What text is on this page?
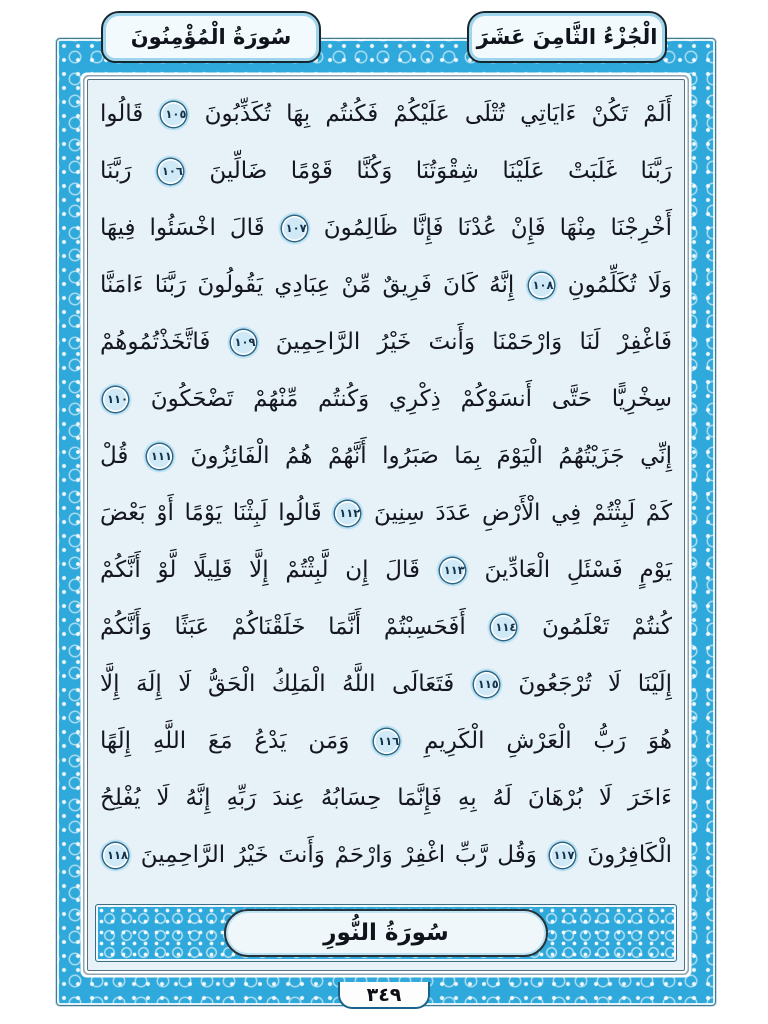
الْجُزْءُ الثَّامِنَ عَشَرَ
سُورَةُ الْمُؤْمِنُونَ
أَلَمْ تَكُنْ ءَايَاتِي تُتْلَى عَلَيْكُمْ فَكُنتُم بِهَا تُكَذِّبُونَ ١٠٥ قَالُوا
رَبَّنَا غَلَبَتْ عَلَيْنَا شِقْوَتُنَا وَكُنَّا قَوْمًا ضَالِّينَ ١٠٦ رَبَّنَا
أَخْرِجْنَا مِنْهَا فَإِنْ عُدْنَا فَإِنَّا ظَالِمُونَ ١٠٧ قَالَ اخْسَئُوا فِيهَا
وَلَا تُكَلِّمُونِ ١٠٨ إِنَّهُ كَانَ فَرِيقٌ مِّنْ عِبَادِي يَقُولُونَ رَبَّنَا ءَامَنَّا
فَاغْفِرْ لَنَا وَارْحَمْنَا وَأَنتَ خَيْرُ الرَّاحِمِينَ ١٠٩ فَاتَّخَذْتُمُوهُمْ
سِخْرِيًّا حَتَّى أَنسَوْكُمْ ذِكْرِي وَكُنتُم مِّنْهُمْ تَضْحَكُونَ ١١٠
إِنِّي جَزَيْتُهُمُ الْيَوْمَ بِمَا صَبَرُوا أَنَّهُمْ هُمُ الْفَائِزُونَ ١١١ قُلْ
كَمْ لَبِثْتُمْ فِي الْأَرْضِ عَدَدَ سِنِينَ ١١٢ قَالُوا لَبِثْنَا يَوْمًا أَوْ بَعْضَ
يَوْمٍ فَسْئَلِ الْعَادِّينَ ١١٣ قَالَ إِن لَّبِثْتُمْ إِلَّا قَلِيلًا لَّوْ أَنَّكُمْ
كُنتُمْ تَعْلَمُونَ ١١٤ أَفَحَسِبْتُمْ أَنَّمَا خَلَقْنَاكُمْ عَبَثًا وَأَنَّكُمْ
إِلَيْنَا لَا تُرْجَعُونَ ١١٥ فَتَعَالَى اللَّهُ الْمَلِكُ الْحَقُّ لَا إِلَهَ إِلَّا
هُوَ رَبُّ الْعَرْشِ الْكَرِيمِ ١١٦ وَمَن يَدْعُ مَعَ اللَّهِ إِلَهًا
ءَاخَرَ لَا بُرْهَانَ لَهُ بِهِ فَإِنَّمَا حِسَابُهُ عِندَ رَبِّهِ إِنَّهُ لَا يُفْلِحُ
الْكَافِرُونَ ١١٧ وَقُل رَّبِّ اغْفِرْ وَارْحَمْ وَأَنتَ خَيْرُ الرَّاحِمِينَ ١١٨
سُورَةُ النُّورِ
٣٤٩
